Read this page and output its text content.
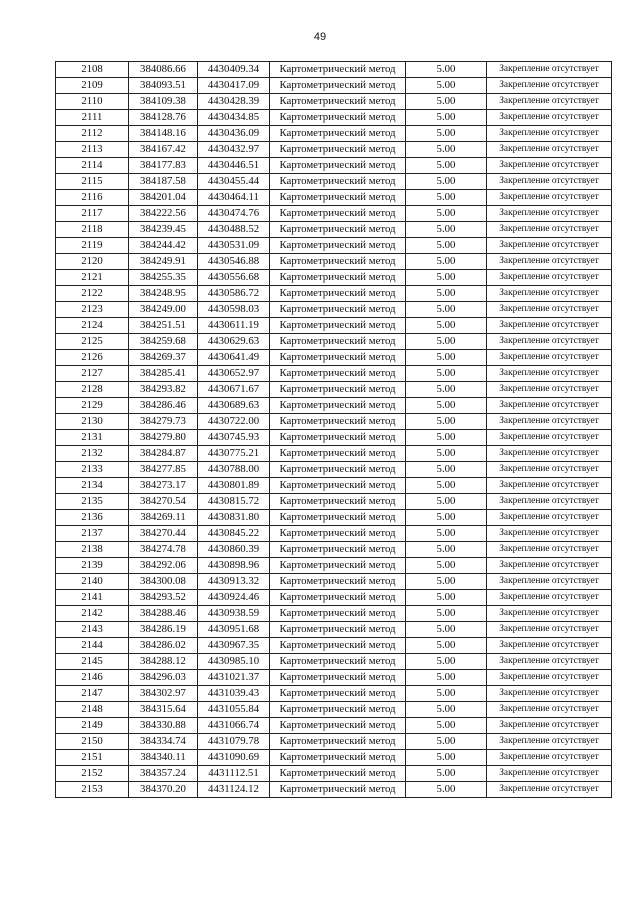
49
2108	384086.66	4430409.34	Картометрический метод	5.00	Закрепление отсутствует
2109	384093.51	4430417.09	Картометрический метод	5.00	Закрепление отсутствует
2110	384109.38	4430428.39	Картометрический метод	5.00	Закрепление отсутствует
2111	384128.76	4430434.85	Картометрический метод	5.00	Закрепление отсутствует
2112	384148.16	4430436.09	Картометрический метод	5.00	Закрепление отсутствует
2113	384167.42	4430432.97	Картометрический метод	5.00	Закрепление отсутствует
2114	384177.83	4430446.51	Картометрический метод	5.00	Закрепление отсутствует
2115	384187.58	4430455.44	Картометрический метод	5.00	Закрепление отсутствует
2116	384201.04	4430464.11	Картометрический метод	5.00	Закрепление отсутствует
2117	384222.56	4430474.76	Картометрический метод	5.00	Закрепление отсутствует
2118	384239.45	4430488.52	Картометрический метод	5.00	Закрепление отсутствует
2119	384244.42	4430531.09	Картометрический метод	5.00	Закрепление отсутствует
2120	384249.91	4430546.88	Картометрический метод	5.00	Закрепление отсутствует
2121	384255.35	4430556.68	Картометрический метод	5.00	Закрепление отсутствует
2122	384248.95	4430586.72	Картометрический метод	5.00	Закрепление отсутствует
2123	384249.00	4430598.03	Картометрический метод	5.00	Закрепление отсутствует
2124	384251.51	4430611.19	Картометрический метод	5.00	Закрепление отсутствует
2125	384259.68	4430629.63	Картометрический метод	5.00	Закрепление отсутствует
2126	384269.37	4430641.49	Картометрический метод	5.00	Закрепление отсутствует
2127	384285.41	4430652.97	Картометрический метод	5.00	Закрепление отсутствует
2128	384293.82	4430671.67	Картометрический метод	5.00	Закрепление отсутствует
2129	384286.46	4430689.63	Картометрический метод	5.00	Закрепление отсутствует
2130	384279.73	4430722.00	Картометрический метод	5.00	Закрепление отсутствует
2131	384279.80	4430745.93	Картометрический метод	5.00	Закрепление отсутствует
2132	384284.87	4430775.21	Картометрический метод	5.00	Закрепление отсутствует
2133	384277.85	4430788.00	Картометрический метод	5.00	Закрепление отсутствует
2134	384273.17	4430801.89	Картометрический метод	5.00	Закрепление отсутствует
2135	384270.54	4430815.72	Картометрический метод	5.00	Закрепление отсутствует
2136	384269.11	4430831.80	Картометрический метод	5.00	Закрепление отсутствует
2137	384270.44	4430845.22	Картометрический метод	5.00	Закрепление отсутствует
2138	384274.78	4430860.39	Картометрический метод	5.00	Закрепление отсутствует
2139	384292.06	4430898.96	Картометрический метод	5.00	Закрепление отсутствует
2140	384300.08	4430913.32	Картометрический метод	5.00	Закрепление отсутствует
2141	384293.52	4430924.46	Картометрический метод	5.00	Закрепление отсутствует
2142	384288.46	4430938.59	Картометрический метод	5.00	Закрепление отсутствует
2143	384286.19	4430951.68	Картометрический метод	5.00	Закрепление отсутствует
2144	384286.02	4430967.35	Картометрический метод	5.00	Закрепление отсутствует
2145	384288.12	4430985.10	Картометрический метод	5.00	Закрепление отсутствует
2146	384296.03	4431021.37	Картометрический метод	5.00	Закрепление отсутствует
2147	384302.97	4431039.43	Картометрический метод	5.00	Закрепление отсутствует
2148	384315.64	4431055.84	Картометрический метод	5.00	Закрепление отсутствует
2149	384330.88	4431066.74	Картометрический метод	5.00	Закрепление отсутствует
2150	384334.74	4431079.78	Картометрический метод	5.00	Закрепление отсутствует
2151	384340.11	4431090.69	Картометрический метод	5.00	Закрепление отсутствует
2152	384357.24	4431112.51	Картометрический метод	5.00	Закрепление отсутствует
2153	384370.20	4431124.12	Картометрический метод	5.00	Закрепление отсутствует
